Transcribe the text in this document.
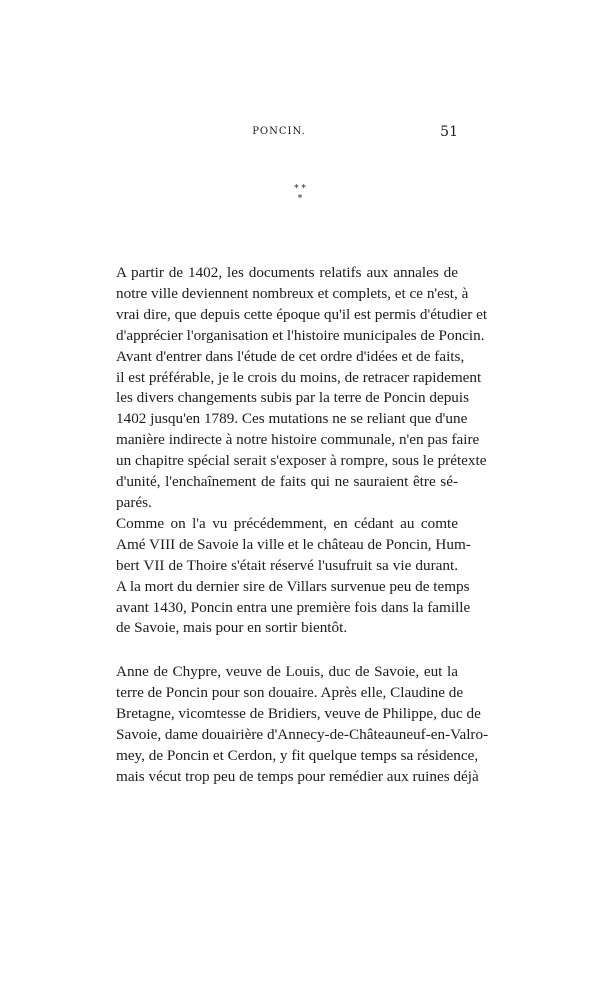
PONCIN.	51
* *
*

A partir de 1402, les documents relatifs aux annales de
notre ville deviennent nombreux et complets, et ce n'est, à
vrai dire, que depuis cette époque qu'il est permis d'étudier et
d'apprécier l'organisation et l'histoire municipales de Poncin.
Avant d'entrer dans l'étude de cet ordre d'idées et de faits,
il est préférable, je le crois du moins, de retracer rapidement
les divers changements subis par la terre de Poncin depuis
1402 jusqu'en 1789. Ces mutations ne se reliant que d'une
manière indirecte à notre histoire communale, n'en pas faire
un chapitre spécial serait s'exposer à rompre, sous le prétexte
d'unité, l'enchaînement de faits qui ne sauraient être sé-
parés.

Comme on l'a vu précédemment, en cédant au comte
Amé VIII de Savoie la ville et le château de Poncin, Hum-
bert VII de Thoire s'était réservé l'usufruit sa vie durant.
A la mort du dernier sire de Villars survenue peu de temps
avant 1430, Poncin entra une première fois dans la famille
de Savoie, mais pour en sortir bientôt.

Anne de Chypre, veuve de Louis, duc de Savoie, eut la
terre de Poncin pour son douaire. Après elle, Claudine de
Bretagne, vicomtesse de Bridiers, veuve de Philippe, duc de
Savoie, dame douairière d'Annecy-de-Châteauneuf-en-Valro-
mey, de Poncin et Cerdon, y fit quelque temps sa résidence,
mais vécut trop peu de temps pour remédier aux ruines déjà
